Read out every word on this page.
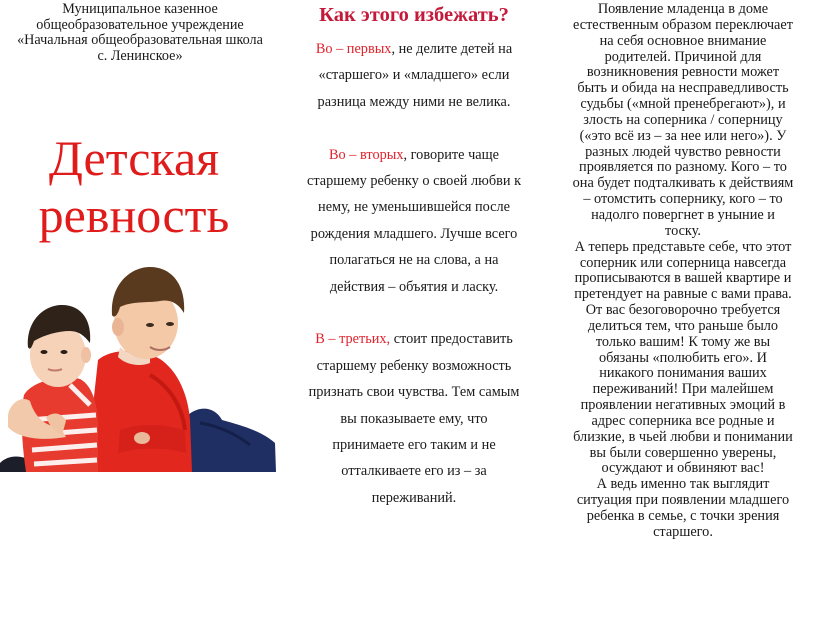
Муниципальное казенное
общеобразовательное учреждение
«Начальная общеобразовательная школа
с. Ленинское»
Детская
ревность
Как этого избежать?

Во – первых, не делите детей на
«старшего» и «младшего» если
разница между ними не велика.

Во – вторых, говорите чаще
старшему ребенку о своей любви к
нему, не уменьшившейся после
рождения младшего. Лучше всего
полагаться не на слова, а на
действия – объятия и ласку.

В – третьих, стоит предоставить
старшему ребенку возможность
признать свои чувства. Тем самым
вы показываете ему, что
принимаете его таким и не
отталкиваете его из – за
переживаний.

Появление младенца в доме

естественным образом переключает

на себя основное внимание

родителей. Причиной для

возникновения ревности может

быть и обида на несправедливость

судьбы («мной пренебрегают»), и

злость на соперника / соперницу

(«это всё из – за нее или него»). У

разных людей чувство ревности

проявляется по разному. Кого – то

она будет подталкивать к действиям

– отомстить сопернику, кого – то

надолго повергнет в уныние и

тоску.

А теперь представьте себе, что этот

соперник или соперница навсегда

прописываются в вашей квартире и

претендует на равные с вами права.

От вас безоговорочно требуется

делиться тем, что раньше было

только вашим! К тому же вы

обязаны «полюбить его». И

никакого понимания ваших

переживаний! При малейшем

проявлении негативных эмоций в

адрес соперника все родные и

близкие, в чьей любви и понимании

вы были совершенно уверены,

осуждают и обвиняют вас!

А ведь именно так выглядит

ситуация при появлении младшего

ребенка в семье, с точки зрения

старшего.
